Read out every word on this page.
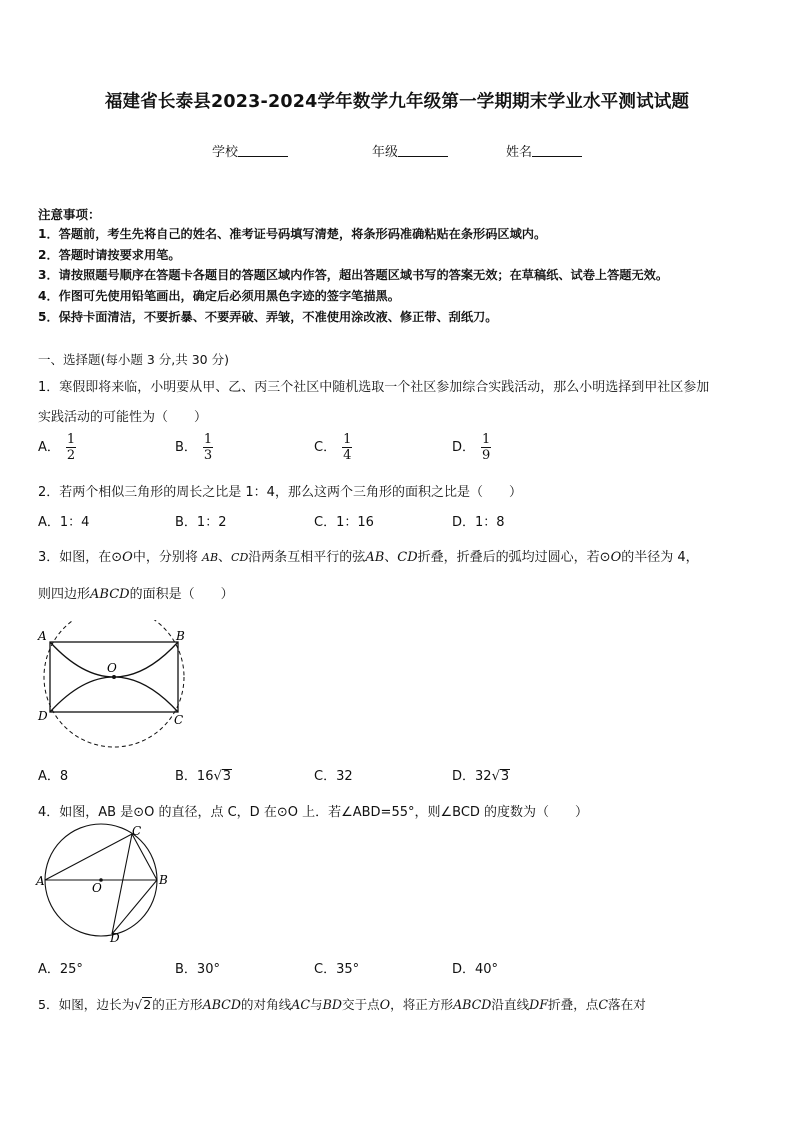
福建省长泰县2023-2024学年数学九年级第一学期期末学业水平测试试题
学校	年级	姓名
注意事项：
1．答题前，考生先将自己的姓名、准考证号码填写清楚，将条形码准确粘贴在条形码区域内。
2．答题时请按要求用笔。
3．请按照题号顺序在答题卡各题目的答题区域内作答，超出答题区域书写的答案无效；在草稿纸、试卷上答题无效。
4．作图可先使用铅笔画出，确定后必须用黑色字迹的签字笔描黑。
5．保持卡面清洁，不要折暴、不要弄破、弄皱，不准使用涂改液、修正带、刮纸刀。
一、选择题(每小题 3 分,共 30 分)
1．寒假即将来临，小明要从甲、乙、丙三个社区中随机选取一个社区参加综合实践活动，那么小明选择到甲社区参加
实践活动的可能性为（　　）
A． $\frac{1}{2}$	B． $\frac{1}{3}$	C． $\frac{1}{4}$	D． $\frac{1}{9}$
2．若两个相似三角形的周长之比是 1：4，那么这两个三角形的面积之比是（　　）
A．1：4	B．1：2	C．1：16	D．1：8
3．如图，在⊙O中，分别将 AB、CD沿两条互相平行的弦AB、CD折叠，折叠后的弧均过圆心，若⊙O的半径为 4，
则四边形ABCD的面积是（　　）
A	B
C
D
O
A．8	B．16√3	C．32	D．32√3
4．如图，AB 是⊙O 的直径，点 C，D 在⊙O 上．若∠ABD=55°，则∠BCD 的度数为（　　）
A	B
C
D
O
A．25°	B．30°	C．35°	D．40°
5．如图，边长为√2的正方形ABCD的对角线AC与BD交于点O，将正方形ABCD沿直线DF折叠，点C落在对
